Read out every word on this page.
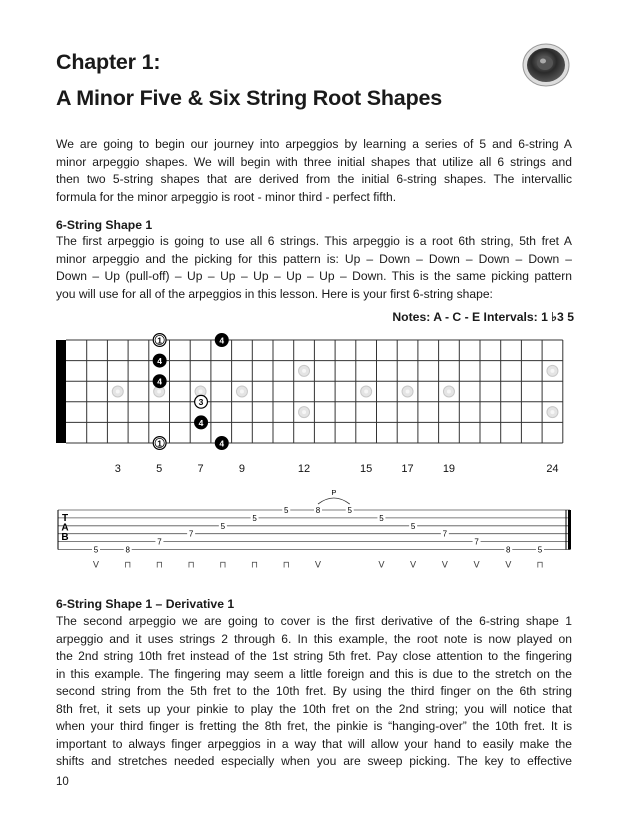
Chapter 1:
A Minor Five & Six String Root Shapes
We are going to begin our journey into arpeggios by learning a series of 5 and 6-string A
minor arpeggio shapes. We will begin with three initial shapes that utilize all 6 strings and
then two 5-string shapes that are derived from the initial 6-string shapes. The intervallic
formula for the minor arpeggio is root - minor third - perfect fifth.
6-String Shape 1
The first arpeggio is going to use all 6 strings. This arpeggio is a root 6th string, 5th fret A
minor arpeggio and the picking for this pattern is: Up – Down – Down – Down – Down –
Down – Up (pull-off) – Up – Up – Up – Up – Up – Down. This is the same picking pattern
you will use for all of the arpeggios in this lesson. Here is your first 6-string shape:
Notes: A - C - E Intervals: 1 ♭3 5
1	4
4
4
3
4
1	4
3	5	7	9	12	15	17	19	24
T
A
B
5
V
8
⊓
7
⊓
7
⊓
5
⊓
5
⊓
5
⊓
8
V
5
5
V
5
V
7
V
7
V
8
V
5
⊓
P
6-String Shape 1 – Derivative 1
The second arpeggio we are going to cover is the first derivative of the 6-string shape 1
arpeggio and it uses strings 2 through 6. In this example, the root note is now played on
the 2nd string 10th fret instead of the 1st string 5th fret. Pay close attention to the fingering
in this example. The fingering may seem a little foreign and this is due to the stretch on the
second string from the 5th fret to the 10th fret. By using the third finger on the 6th string
8th fret, it sets up your pinkie to play the 10th fret on the 2nd string; you will notice that
when your third finger is fretting the 8th fret, the pinkie is “hanging-over” the 10th fret. It is
important to always finger arpeggios in a way that will allow your hand to easily make the
shifts and stretches needed especially when you are sweep picking. The key to effective
10
